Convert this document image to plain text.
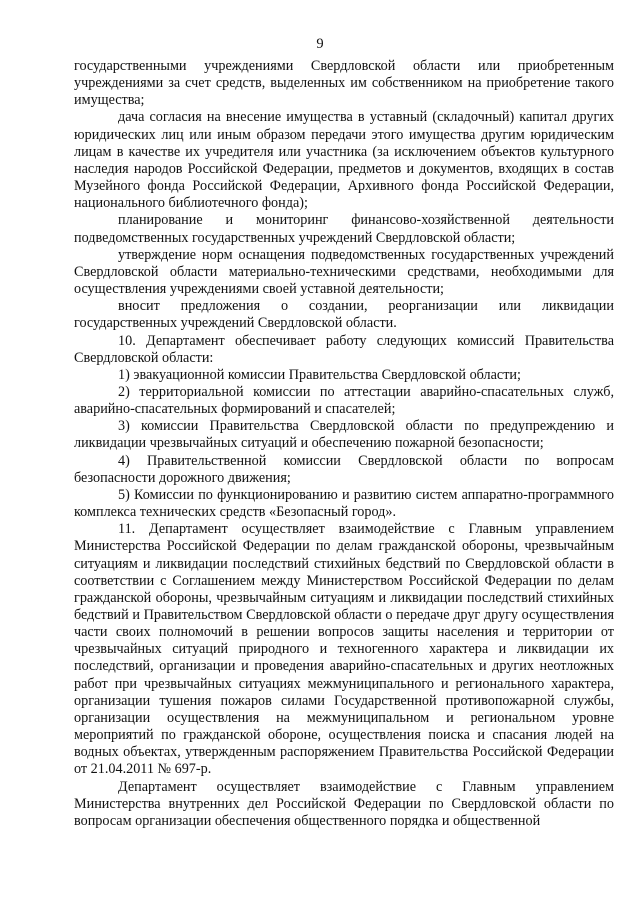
9

государственными учреждениями Свердловской области или приобретенным учреждениями за счет средств, выделенных им собственником на приобретение такого имущества;

дача согласия на внесение имущества в уставный (складочный) капитал других юридических лиц или иным образом передачи этого имущества другим юридическим лицам в качестве их учредителя или участника (за исключением объектов культурного наследия народов Российской Федерации, предметов и документов, входящих в состав Музейного фонда Российской Федерации, Архивного фонда Российской Федерации, национального библиотечного фонда);

планирование и мониторинг финансово-хозяйственной деятельности подведомственных государственных учреждений Свердловской области;

утверждение норм оснащения подведомственных государственных учреждений Свердловской области материально-техническими средствами, необходимыми для осуществления учреждениями своей уставной деятельности;

вносит предложения о создании, реорганизации или ликвидации государственных учреждений Свердловской области.

10. Департамент обеспечивает работу следующих комиссий Правительства Свердловской области:

1) эвакуационной комиссии Правительства Свердловской области;

2) территориальной комиссии по аттестации аварийно-спасательных служб, аварийно-спасательных формирований и спасателей;

3) комиссии Правительства Свердловской области по предупреждению и ликвидации чрезвычайных ситуаций и обеспечению пожарной безопасности;

4) Правительственной комиссии Свердловской области по вопросам безопасности дорожного движения;

5) Комиссии по функционированию и развитию систем аппаратно-программного комплекса технических средств «Безопасный город».

11. Департамент осуществляет взаимодействие с Главным управлением Министерства Российской Федерации по делам гражданской обороны, чрезвычайным ситуациям и ликвидации последствий стихийных бедствий по Свердловской области в соответствии с Соглашением между Министерством Российской Федерации по делам гражданской обороны, чрезвычайным ситуациям и ликвидации последствий стихийных бедствий и Правительством Свердловской области о передаче друг другу осуществления части своих полномочий в решении вопросов защиты населения и территории от чрезвычайных ситуаций природного и техногенного характера и ликвидации их последствий, организации и проведения аварийно-спасательных и других неотложных работ при чрезвычайных ситуациях межмуниципального и регионального характера, организации тушения пожаров силами Государственной противопожарной службы, организации осуществления на межмуниципальном и региональном уровне мероприятий по гражданской обороне, осуществления поиска и спасания людей на водных объектах, утвержденным распоряжением Правительства Российской Федерации от 21.04.2011 № 697-р.

Департамент осуществляет взаимодействие с Главным управлением Министерства внутренних дел Российской Федерации по Свердловской области по вопросам организации обеспечения общественного порядка и общественной
